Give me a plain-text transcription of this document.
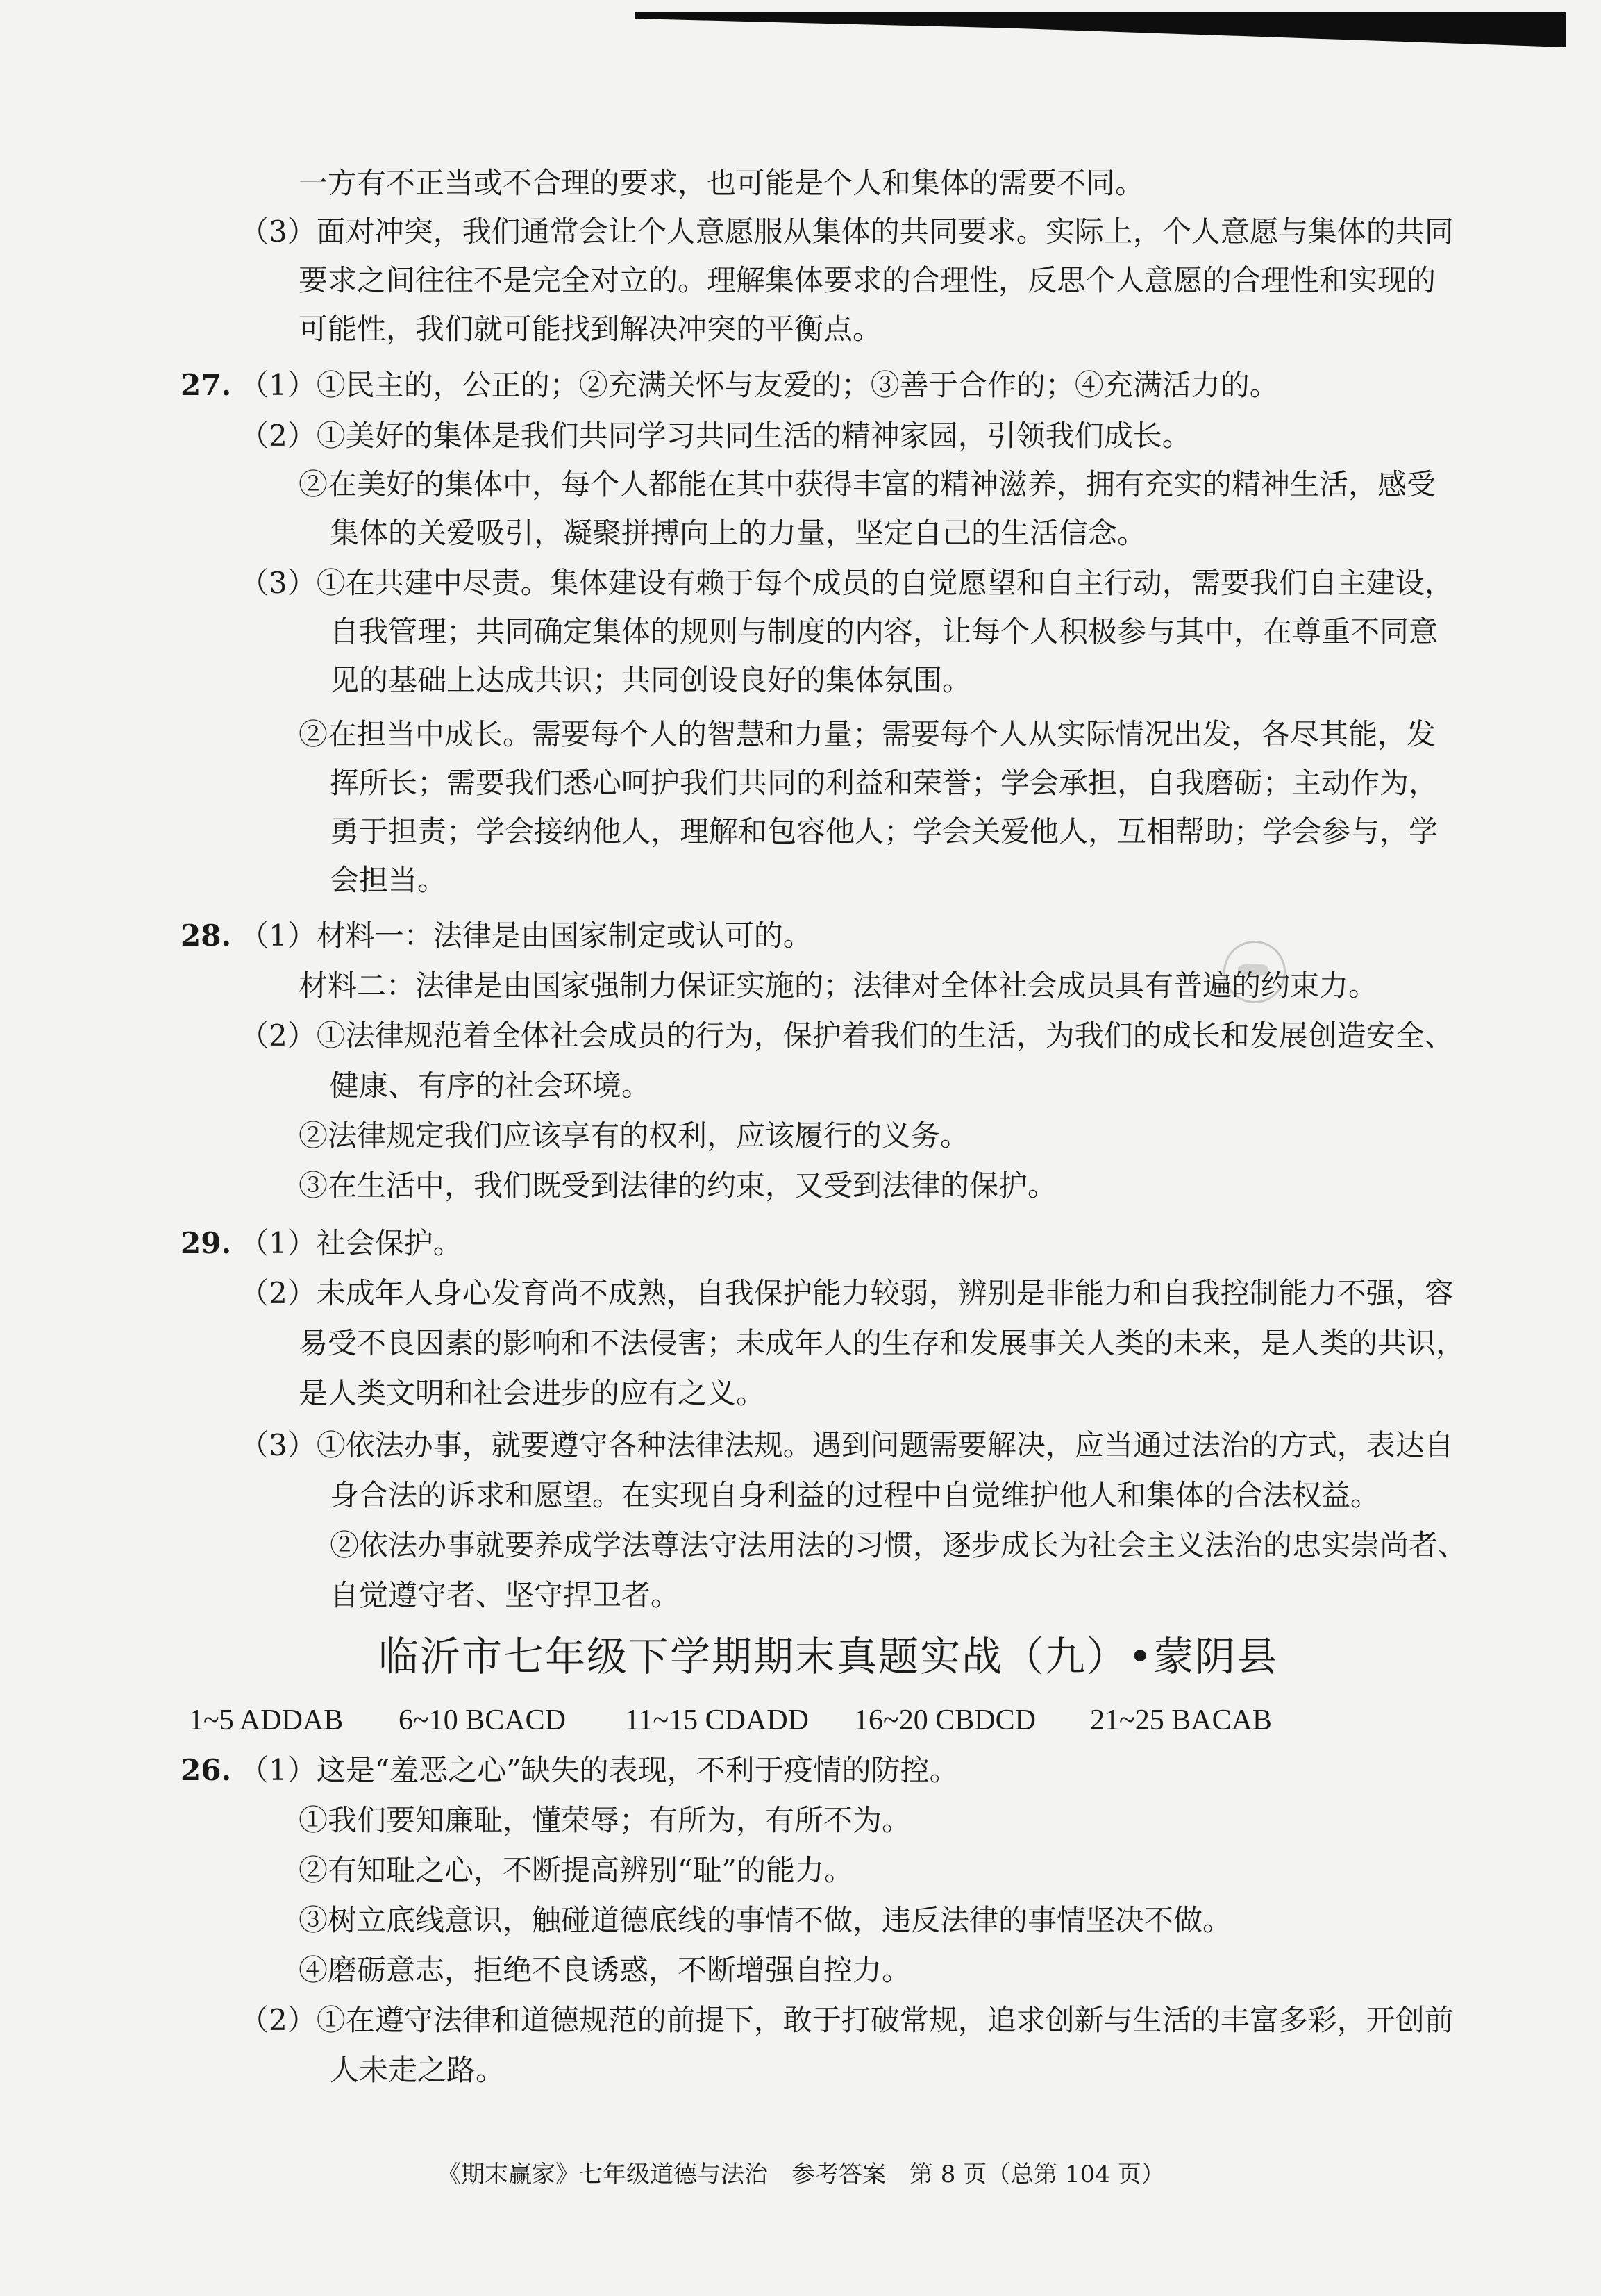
一方有不正当或不合理的要求，也可能是个人和集体的需要不同。
（3）面对冲突，我们通常会让个人意愿服从集体的共同要求。实际上，个人意愿与集体的共同
要求之间往往不是完全对立的。理解集体要求的合理性，反思个人意愿的合理性和实现的
可能性，我们就可能找到解决冲突的平衡点。
27. （1）①民主的，公正的；②充满关怀与友爱的；③善于合作的；④充满活力的。
（2）①美好的集体是我们共同学习共同生活的精神家园，引领我们成长。
②在美好的集体中，每个人都能在其中获得丰富的精神滋养，拥有充实的精神生活，感受
集体的关爱吸引，凝聚拼搏向上的力量，坚定自己的生活信念。
（3）①在共建中尽责。集体建设有赖于每个成员的自觉愿望和自主行动，需要我们自主建设，
自我管理；共同确定集体的规则与制度的内容，让每个人积极参与其中，在尊重不同意
见的基础上达成共识；共同创设良好的集体氛围。
②在担当中成长。需要每个人的智慧和力量；需要每个人从实际情况出发，各尽其能，发
挥所长；需要我们悉心呵护我们共同的利益和荣誉；学会承担，自我磨砺；主动作为，
勇于担责；学会接纳他人，理解和包容他人；学会关爱他人，互相帮助；学会参与，学
会担当。
28. （1）材料一：法律是由国家制定或认可的。
材料二：法律是由国家强制力保证实施的；法律对全体社会成员具有普遍的约束力。
（2）①法律规范着全体社会成员的行为，保护着我们的生活，为我们的成长和发展创造安全、
健康、有序的社会环境。
②法律规定我们应该享有的权利，应该履行的义务。
③在生活中，我们既受到法律的约束，又受到法律的保护。
29. （1）社会保护。
（2）未成年人身心发育尚不成熟，自我保护能力较弱，辨别是非能力和自我控制能力不强，容
易受不良因素的影响和不法侵害；未成年人的生存和发展事关人类的未来，是人类的共识，
是人类文明和社会进步的应有之义。
（3）①依法办事，就要遵守各种法律法规。遇到问题需要解决，应当通过法治的方式，表达自
身合法的诉求和愿望。在实现自身利益的过程中自觉维护他人和集体的合法权益。
②依法办事就要养成学法尊法守法用法的习惯，逐步成长为社会主义法治的忠实崇尚者、
自觉遵守者、坚守捍卫者。
临沂市七年级下学期期末真题实战（九）•蒙阴县
1~5 ADDAB 6~10 BCACD 11~15 CDADD 16~20 CBDCD 21~25 BACAB
26. （1）这是“羞恶之心”缺失的表现，不利于疫情的防控。
①我们要知廉耻，懂荣辱；有所为，有所不为。
②有知耻之心，不断提高辨别“耻”的能力。
③树立底线意识，触碰道德底线的事情不做，违反法律的事情坚决不做。
④磨砺意志，拒绝不良诱惑，不断增强自控力。
（2）①在遵守法律和道德规范的前提下，敢于打破常规，追求创新与生活的丰富多彩，开创前
人未走之路。
《期末赢家》七年级道德与法治　参考答案　第 8 页（总第 104 页）
